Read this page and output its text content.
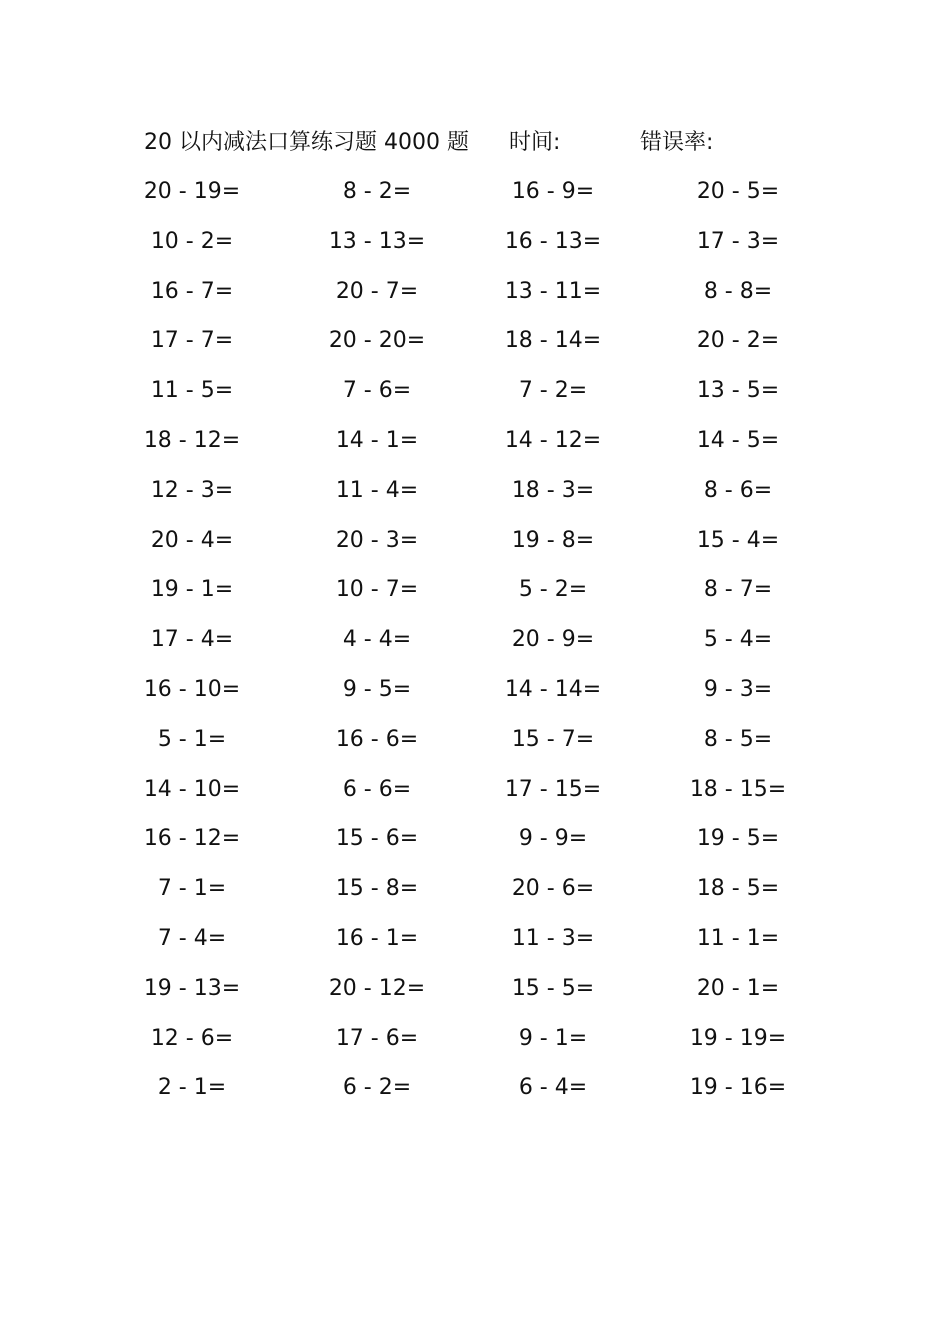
20 以内减法口算练习题 4000 题 时间:	错误率:
20 - 19=	8 - 2=	16 - 9=	20 - 5=
10 - 2=	13 - 13=	16 - 13=	17 - 3=
16 - 7=	20 - 7=	13 - 11=	8 - 8=
17 - 7=	20 - 20=	18 - 14=	20 - 2=
11 - 5=	7 - 6=	7 - 2=	13 - 5=
18 - 12=	14 - 1=	14 - 12=	14 - 5=
12 - 3=	11 - 4=	18 - 3=	8 - 6=
20 - 4=	20 - 3=	19 - 8=	15 - 4=
19 - 1=	10 - 7=	5 - 2=	8 - 7=
17 - 4=	4 - 4=	20 - 9=	5 - 4=
16 - 10=	9 - 5=	14 - 14=	9 - 3=
5 - 1=	16 - 6=	15 - 7=	8 - 5=
14 - 10=	6 - 6=	17 - 15=	18 - 15=
16 - 12=	15 - 6=	9 - 9=	19 - 5=
7 - 1=	15 - 8=	20 - 6=	18 - 5=
7 - 4=	16 - 1=	11 - 3=	11 - 1=
19 - 13=	20 - 12=	15 - 5=	20 - 1=
12 - 6=	17 - 6=	9 - 1=	19 - 19=
2 - 1=	6 - 2=	6 - 4=	19 - 16=
